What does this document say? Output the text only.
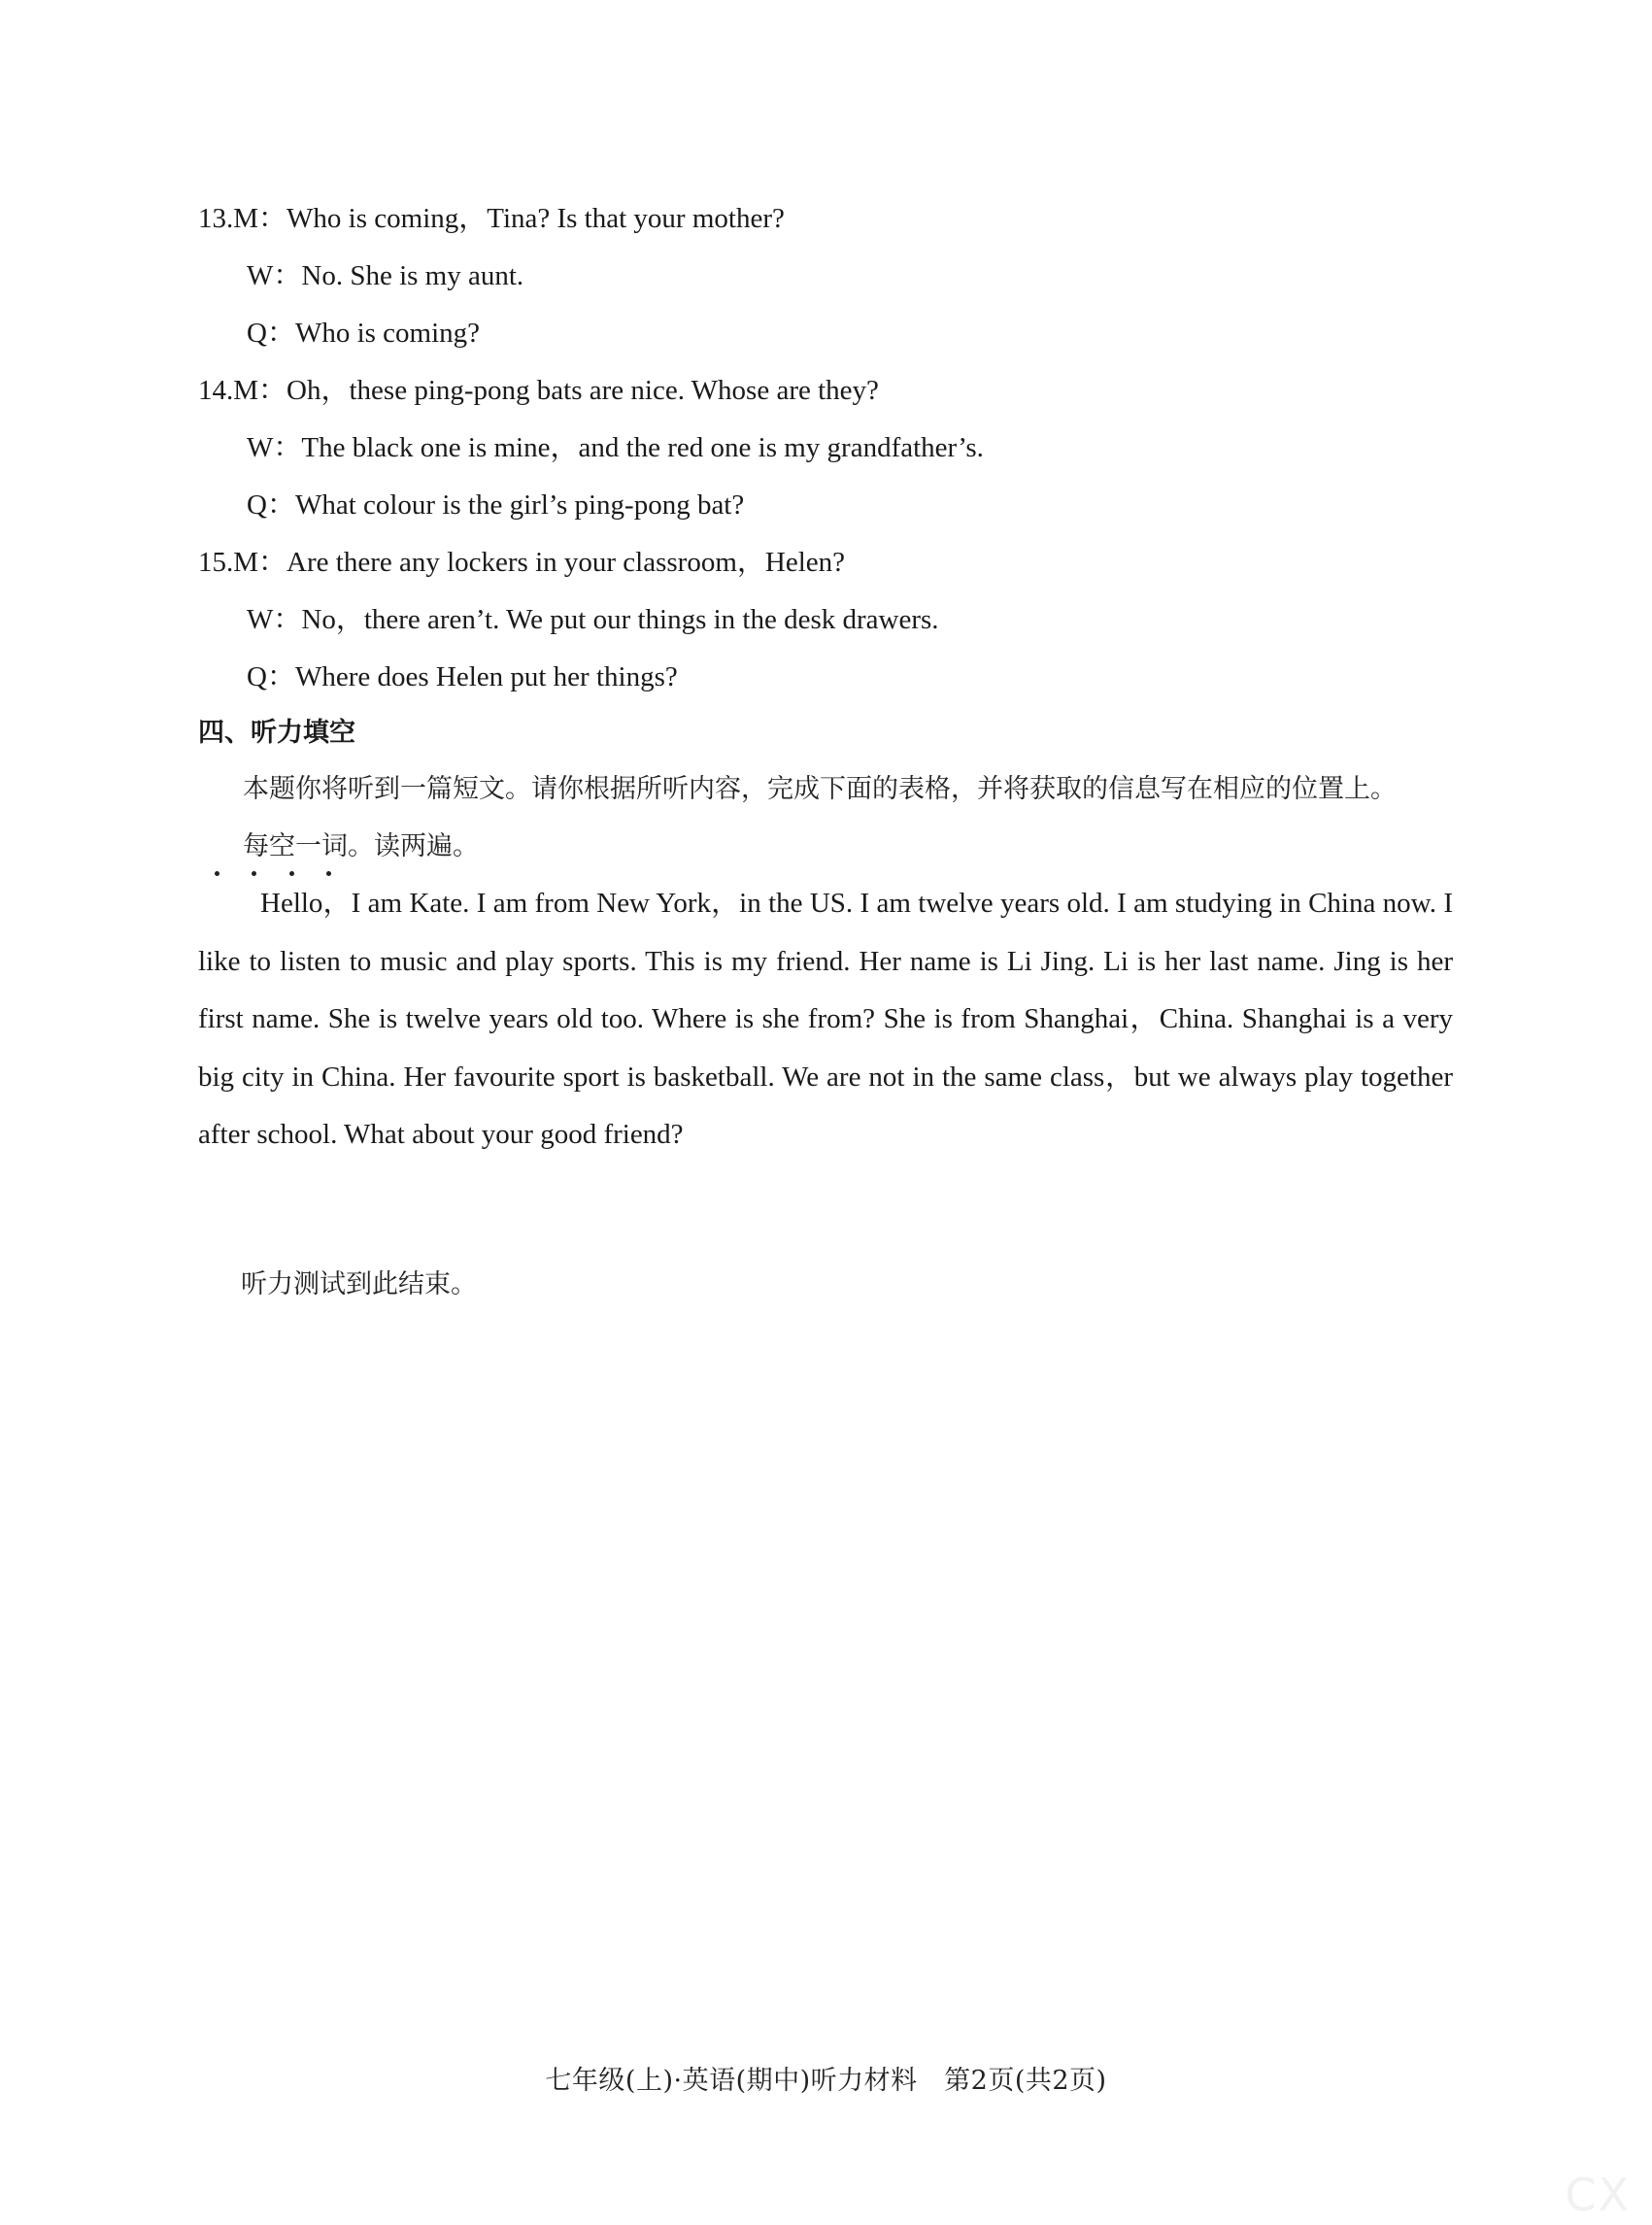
13.M：Who is coming，Tina? Is that your mother?
W：No. She is my aunt.
Q：Who is coming?
14.M：Oh，these ping-pong bats are nice. Whose are they?
W：The black one is mine，and the red one is my grandfather’s.
Q：What colour is the girl’s ping-pong bat?
15.M：Are there any lockers in your classroom，Helen?
W：No，there aren’t. We put our things in the desk drawers.
Q：Where does Helen put her things?
四、听力填空
本题你将听到一篇短文。请你根据所听内容，完成下面的表格，并将获取的信息写在相应的位置上。每空一词
。读两遍。
Hello，I am Kate. I am from New York，in the US. I am twelve years old. I am studying in China now. I like to listen to music and play sports. This is my friend. Her name is Li Jing. Li is her last name. Jing is her first name. She is twelve years old too. Where is she from? She is from Shanghai，China. Shanghai is a very big city in China. Her favourite sport is basketball. We are not in the same class，but we always play together after school. What about your good friend?
听力测试到此结束。
七年级(上)·英语(期中)听力材料　第2页(共2页)
CX
